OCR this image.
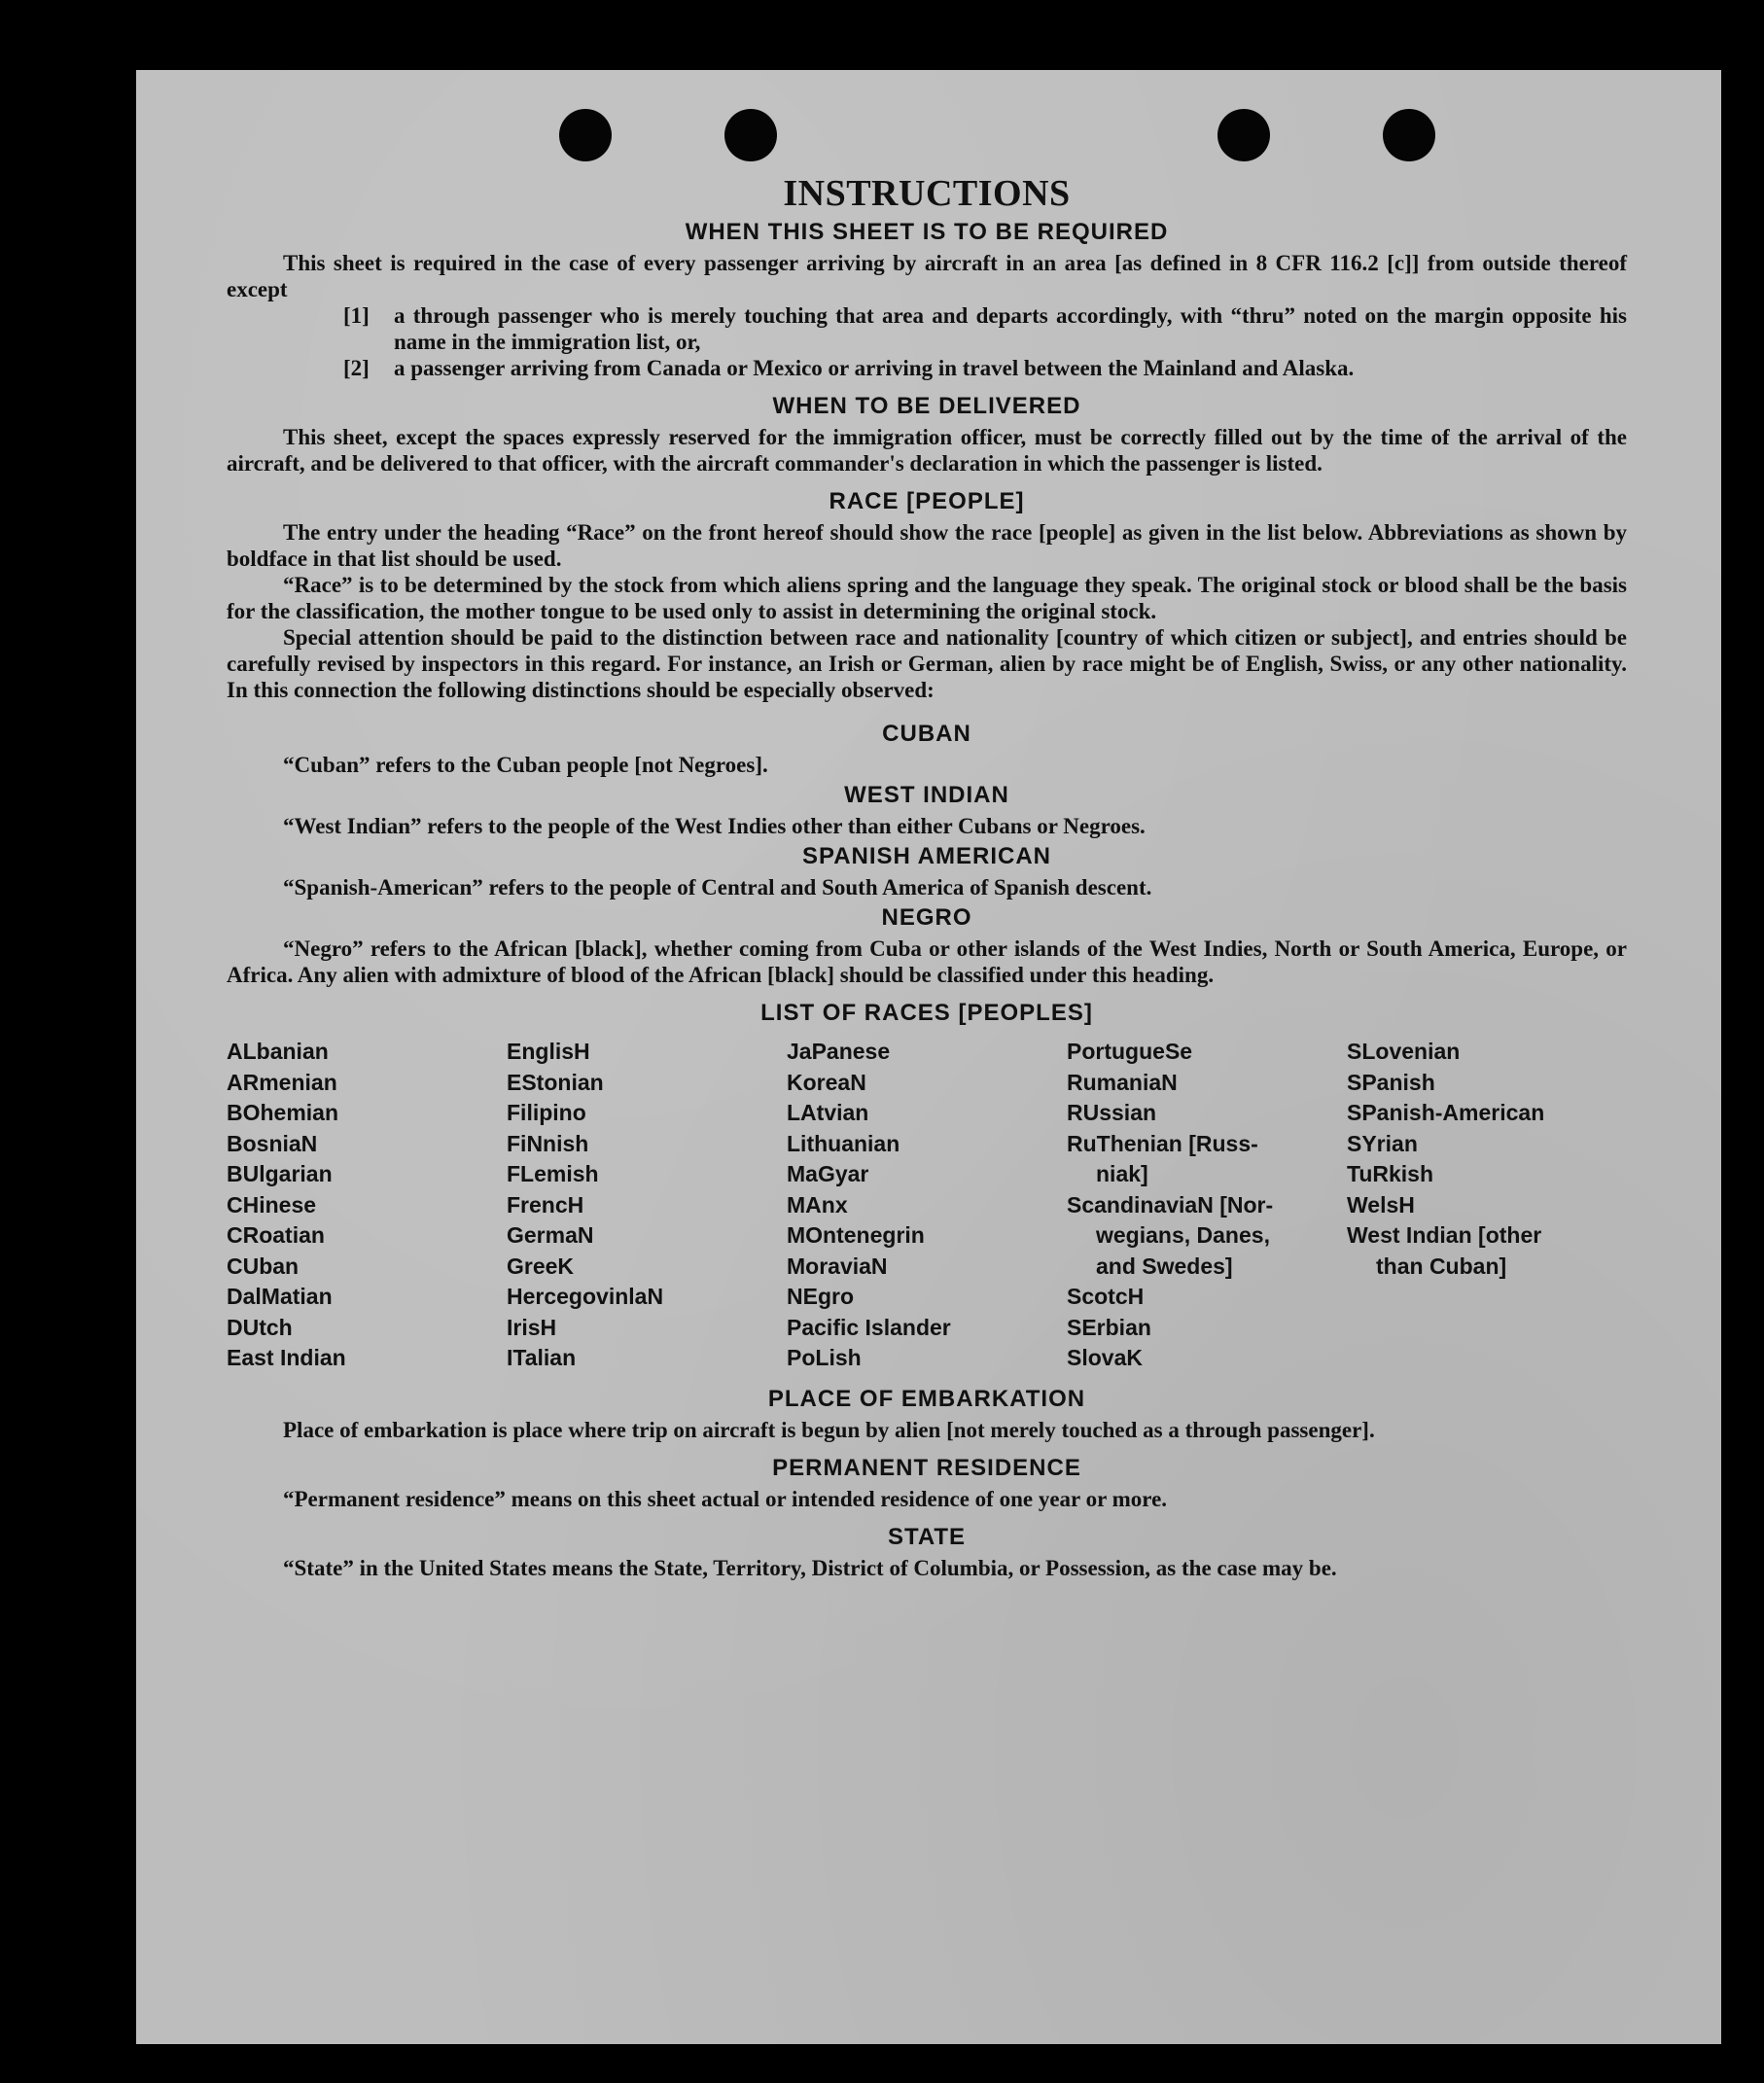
INSTRUCTIONS
WHEN THIS SHEET IS TO BE REQUIRED

This sheet is required in the case of every passenger arriving by aircraft in an area [as defined in 8 CFR 116.2 [c]] from outside thereof except

[1]	a through passenger who is merely touching that area and departs accordingly, with “thru” noted on the margin opposite his name in the immigration list, or,
[2]	a passenger arriving from Canada or Mexico or arriving in travel between the Mainland and Alaska.
WHEN TO BE DELIVERED

This sheet, except the spaces expressly reserved for the immigration officer, must be correctly filled out by the time of the arrival of the aircraft, and be delivered to that officer, with the aircraft commander's declaration in which the passenger is listed.

RACE [PEOPLE]

The entry under the heading “Race” on the front hereof should show the race [people] as given in the list below. Abbreviations as shown by boldface in that list should be used.

“Race” is to be determined by the stock from which aliens spring and the language they speak. The original stock or blood shall be the basis for the classification, the mother tongue to be used only to assist in determining the original stock.

Special attention should be paid to the distinction between race and nationality [country of which citizen or subject], and entries should be carefully revised by inspectors in this regard. For instance, an Irish or German, alien by race might be of English, Swiss, or any other nationality. In this connection the following distinctions should be especially observed:

CUBAN

“Cuban” refers to the Cuban people [not Negroes].

WEST INDIAN

“West Indian” refers to the people of the West Indies other than either Cubans or Negroes.

SPANISH AMERICAN

“Spanish-American” refers to the people of Central and South America of Spanish descent.

NEGRO

“Negro” refers to the African [black], whether coming from Cuba or other islands of the West Indies, North or South America, Europe, or Africa. Any alien with admixture of blood of the African [black] should be classified under this heading.

LIST OF RACES [PEOPLES]
ALbanian
ARmenian
BOhemian
BosniaN
BUlgarian
CHinese
CRoatian
CUban
DalMatian
DUtch
East Indian
EnglisH
EStonian
Filipino
FiNnish
FLemish
FrencH
GermaN
GreeK
HercegovinlaN
IrisH
ITalian
JaPanese
KoreaN
LAtvian
Lithuanian
MaGyar
MAnx
MOntenegrin
MoraviaN
NEgro
Pacific Islander
PoLish
PortugueSe
RumaniaN
RUssian
RuThenian [Russ-
niak]
ScandinaviaN [Nor-
wegians, Danes,
and Swedes]
ScotcH
SErbian
SlovaK
SLovenian
SPanish
SPanish-American
SYrian
TuRkish
WelsH
West Indian [other
than Cuban]
PLACE OF EMBARKATION

Place of embarkation is place where trip on aircraft is begun by alien [not merely touched as a through passenger].

PERMANENT RESIDENCE

“Permanent residence” means on this sheet actual or intended residence of one year or more.

STATE

“State” in the United States means the State, Territory, District of Columbia, or Possession, as the case may be.
